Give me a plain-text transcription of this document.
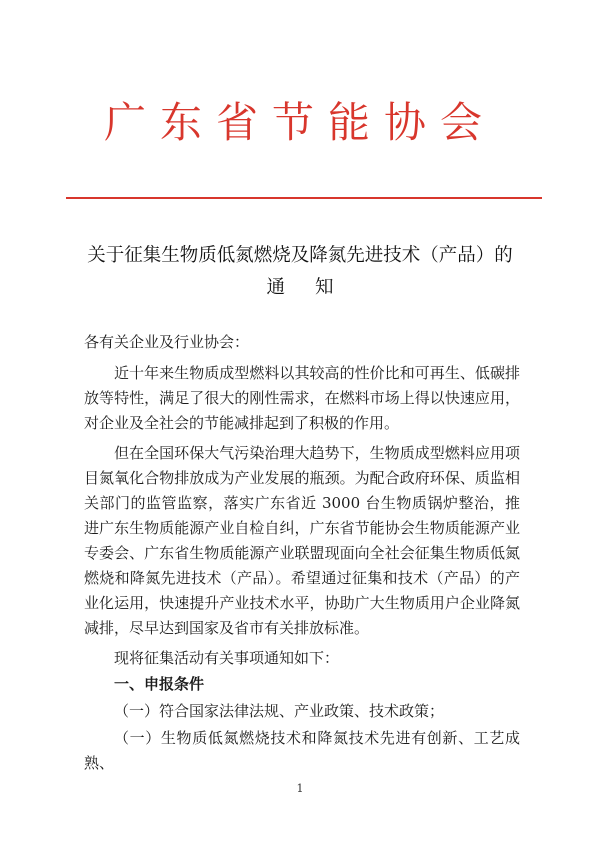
广东省节能协会
关于征集生物质低氮燃烧及降氮先进技术（产品）的
通知

各有关企业及行业协会：

近十年来生物质成型燃料以其较高的性价比和可再生、低碳排放等特性，满足了很大的刚性需求，在燃料市场上得以快速应用，对企业及全社会的节能减排起到了积极的作用。

但在全国环保大气污染治理大趋势下，生物质成型燃料应用项目氮氧化合物排放成为产业发展的瓶颈。为配合政府环保、质监相关部门的监管监察，落实广东省近 3000 台生物质锅炉整治，推进广东生物质能源产业自检自纠，广东省节能协会生物质能源产业专委会、广东省生物质能源产业联盟现面向全社会征集生物质低氮燃烧和降氮先进技术（产品）。希望通过征集和技术（产品）的产业化运用，快速提升产业技术水平，协助广大生物质用户企业降氮减排，尽早达到国家及省市有关排放标准。

现将征集活动有关事项通知如下：

一、申报条件

（一）符合国家法律法规、产业政策、技术政策；

（一）生物质低氮燃烧技术和降氮技术先进有创新、工艺成熟、

1
